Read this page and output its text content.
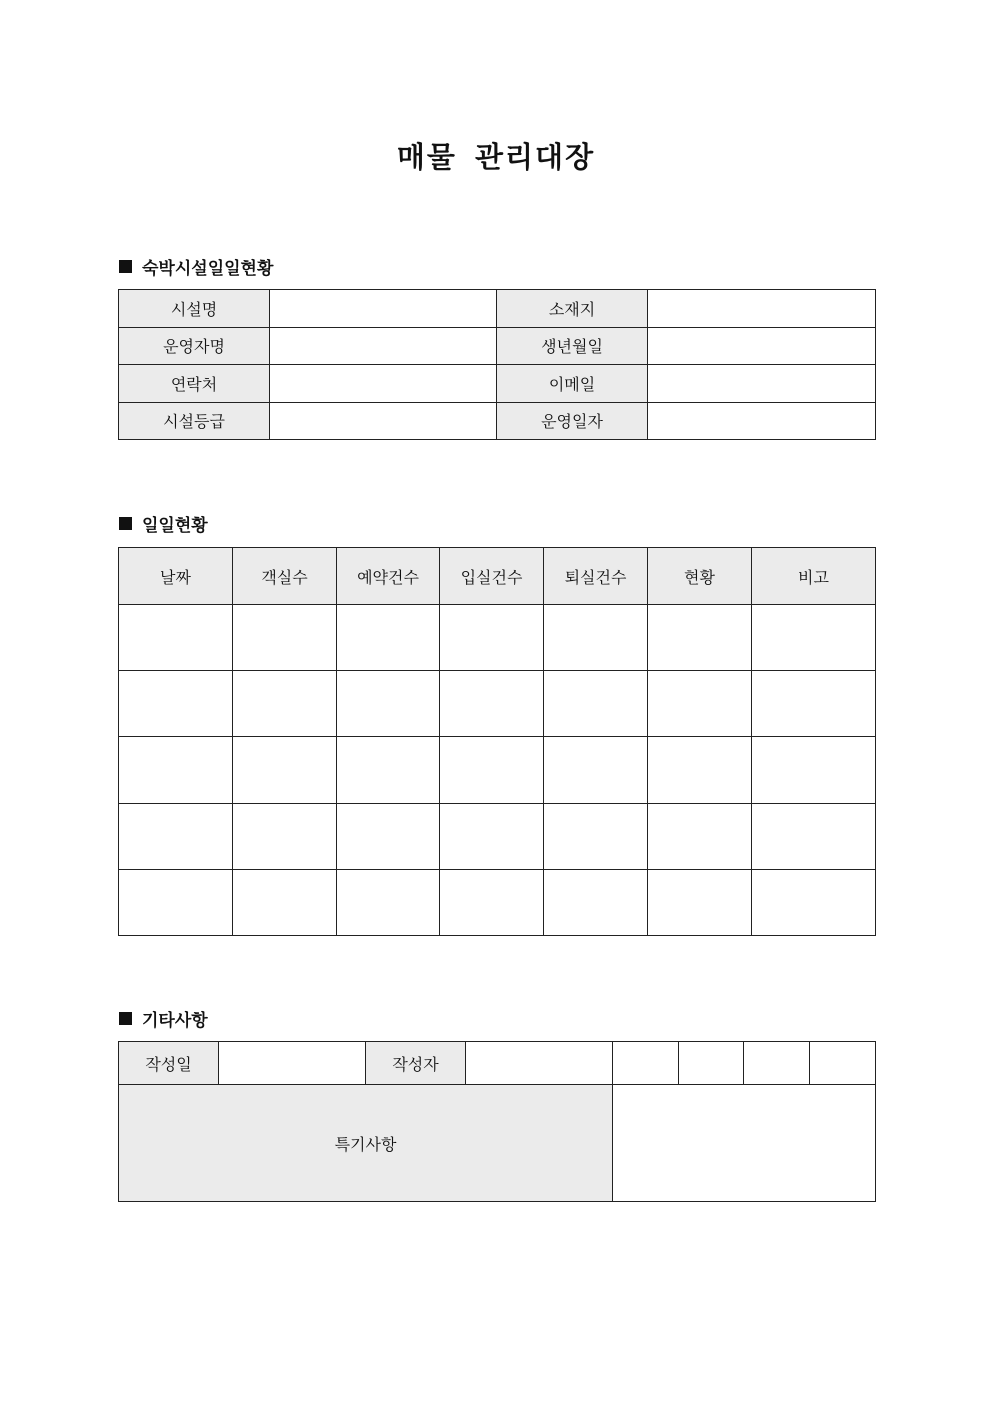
매물 관리대장
숙박시설일일현황
시설명		소재지	
운영자명		생년월일	
연락처		이메일	
시설등급		운영일자	
일일현황
날짜	객실수	예약건수	입실건수	퇴실건수	현황	비고

기타사항
작성일		작성자					
특기사항							
